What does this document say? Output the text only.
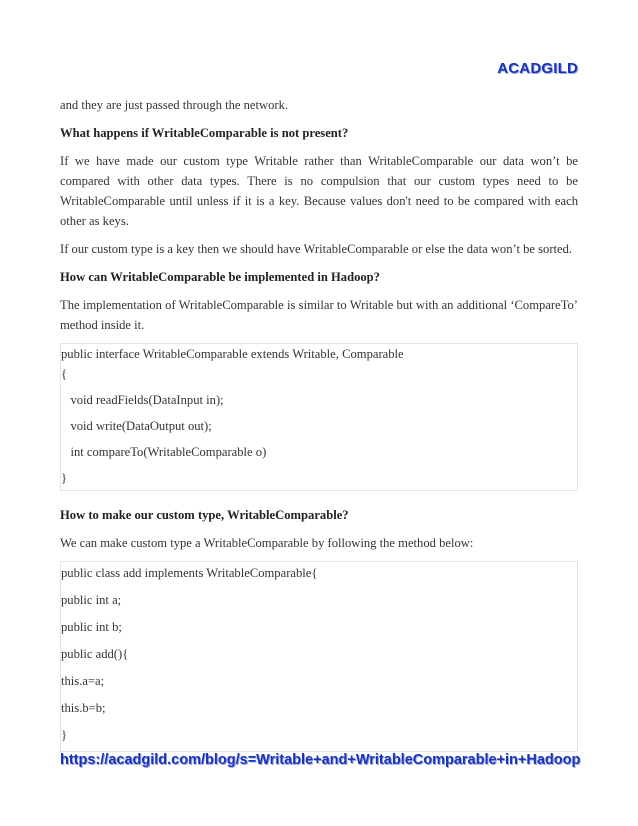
ACADGILD

and they are just passed through the network.

What happens if WritableComparable is not present?

If we have made our custom type Writable rather than WritableComparable our data won’t be compared with other data types. There is no compulsion that our custom types need to be WritableComparable until unless if it is a key. Because values don't need to be compared with each other as keys.

If our custom type is a key then we should have WritableComparable or else the data won’t be sorted.

How can WritableComparable be implemented in Hadoop?

The implementation of WritableComparable is similar to Writable but with an additional ‘CompareTo’ method inside it.

public interface WritableComparable extends Writable, Comparable
{
void readFields(DataInput in);
void write(DataOutput out);
int compareTo(WritableComparable o)
}

How to make our custom type, WritableComparable?

We can make custom type a WritableComparable by following the method below:

public class add implements WritableComparable{
public int a;
public int b;
public add(){
this.a=a;
this.b=b;
}
https://acadgild.com/blog/s=Writable+and+WritableComparable+in+Hadoop
